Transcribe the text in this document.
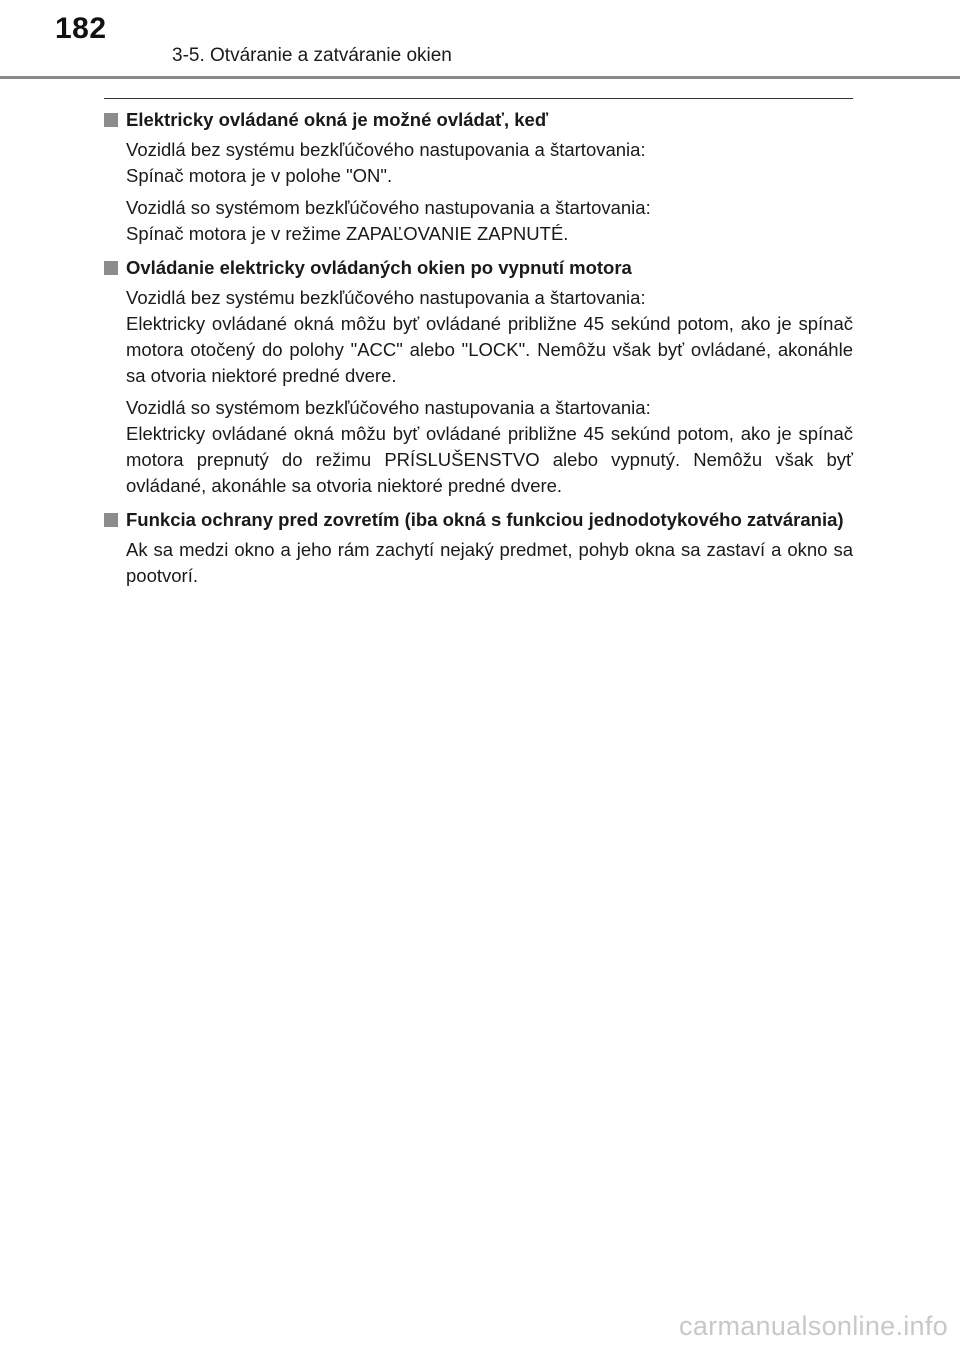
182
3-5. Otváranie a zatváranie okien
Elektricky ovládané okná je možné ovládať, keď
Vozidlá bez systému bezkľúčového nastupovania a štartovania:
Spínač motora je v polohe "ON".
Vozidlá so systémom bezkľúčového nastupovania a štartovania:
Spínač motora je v režime ZAPAĽOVANIE ZAPNUTÉ.
Ovládanie elektricky ovládaných okien po vypnutí motora
Vozidlá bez systému bezkľúčového nastupovania a štartovania:
Elektricky ovládané okná môžu byť ovládané približne 45 sekúnd potom, ako je spínač motora otočený do polohy "ACC" alebo "LOCK". Nemôžu však byť ovládané, akonáhle sa otvoria niektoré predné dvere.
Vozidlá so systémom bezkľúčového nastupovania a štartovania:
Elektricky ovládané okná môžu byť ovládané približne 45 sekúnd potom, ako je spínač motora prepnutý do režimu PRÍSLUŠENSTVO alebo vypnutý. Nemôžu však byť ovládané, akonáhle sa otvoria niektoré predné dvere.
Funkcia ochrany pred zovretím (iba okná s funkciou jednodotykového zatvárania)
Ak sa medzi okno a jeho rám zachytí nejaký predmet, pohyb okna sa zastaví a okno sa pootvorí.
carmanualsonline.info
